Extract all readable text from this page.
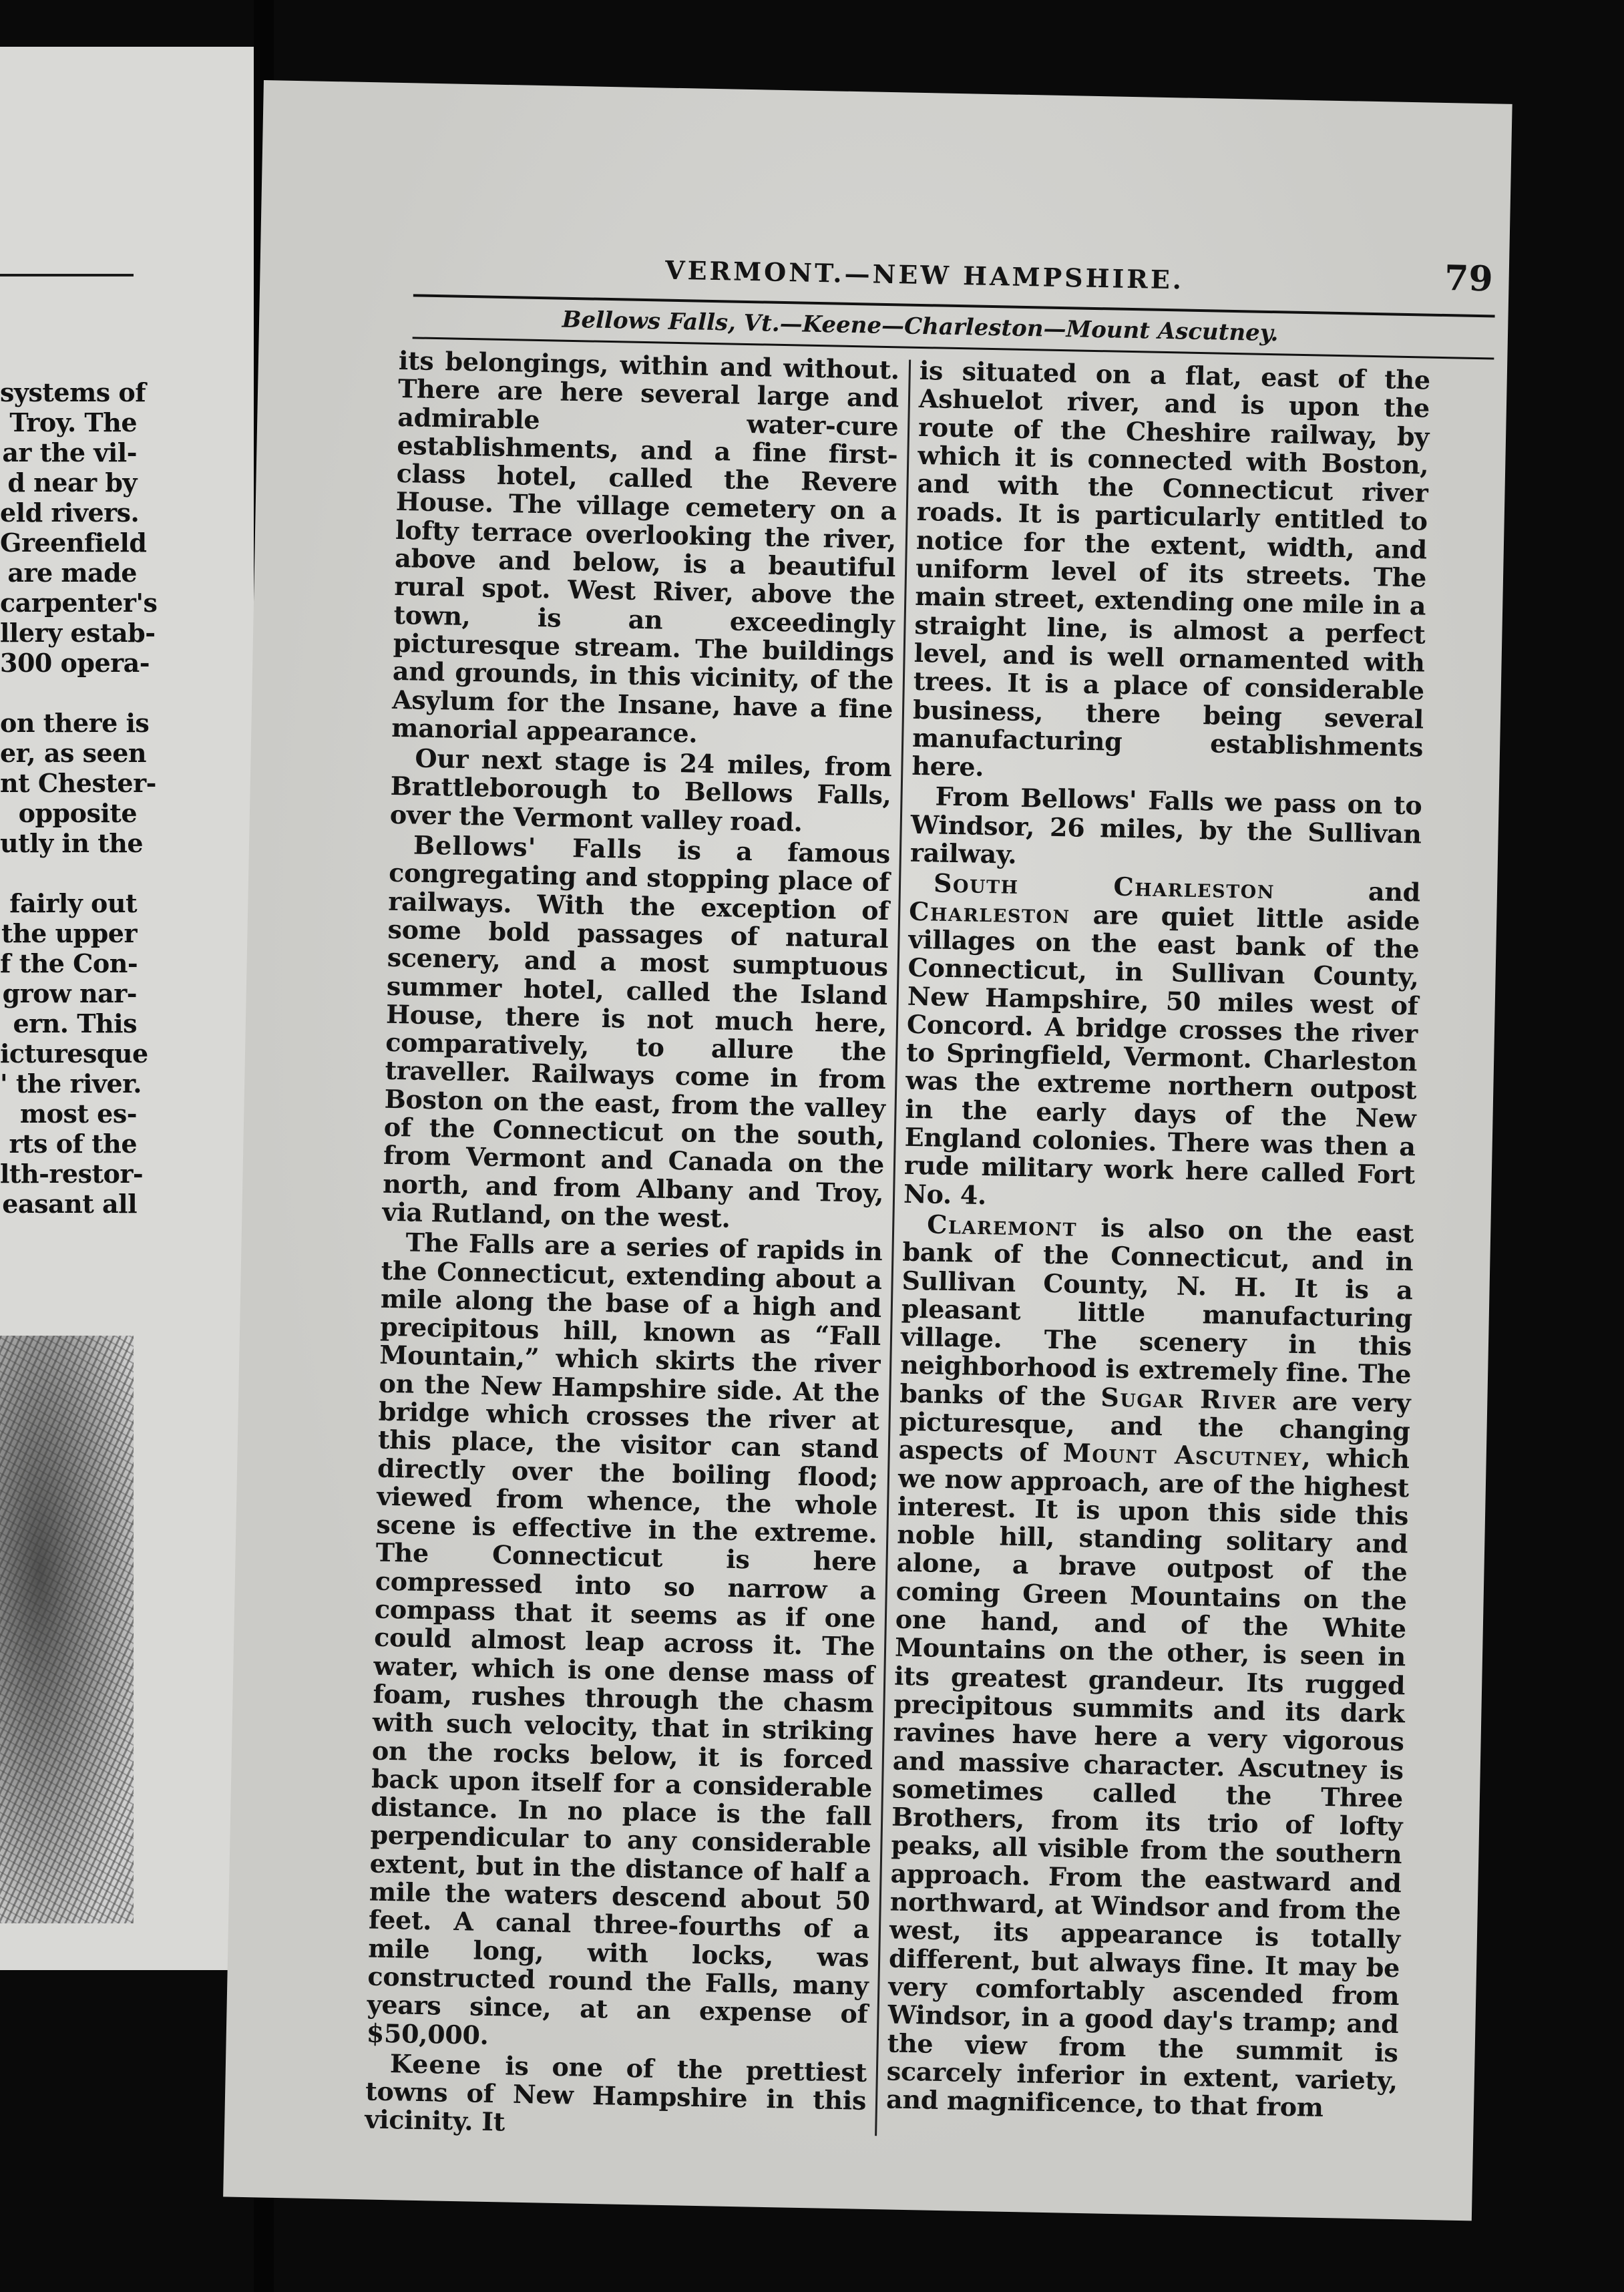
systems of
Troy. The
ar the vil-
d near by
eld rivers.
Greenfield
are made
carpenter's
llery estab-
300 opera-

on there is
er, as seen
nt Chester-
opposite
utly in the

fairly out
the upper
f the Con-
grow nar-
ern. This
icturesque
' the river.
most es-
rts of the
lth-restor-
easant all
VERMONT.—NEW HAMPSHIRE.	79
Bellows Falls, Vt.—Keene—Charleston—Mount Ascutney.

its belongings, within and without. There are here several large and admirable water-cure establishments, and a fine first-class hotel, called the Revere House. The village cemetery on a lofty terrace overlooking the river, above and below, is a beautiful rural spot. West River, above the town, is an exceedingly picturesque stream. The buildings and grounds, in this vicinity, of the Asylum for the Insane, have a fine manorial appearance.

Our next stage is 24 miles, from Brattleborough to Bellows Falls, over the Vermont valley road.

Bellows' Falls is a famous congregating and stopping place of railways. With the exception of some bold passages of natural scenery, and a most sumptuous summer hotel, called the Island House, there is not much here, comparatively, to allure the traveller. Railways come in from Boston on the east, from the valley of the Connecticut on the south, from Vermont and Canada on the north, and from Albany and Troy, via Rutland, on the west.

The Falls are a series of rapids in the Connecticut, extending about a mile along the base of a high and precipitous hill, known as “Fall Mountain,” which skirts the river on the New Hampshire side. At the bridge which crosses the river at this place, the visitor can stand directly over the boiling flood; viewed from whence, the whole scene is effective in the extreme. The Connecticut is here compressed into so narrow a compass that it seems as if one could almost leap across it. The water, which is one dense mass of foam, rushes through the chasm with such velocity, that in striking on the rocks below, it is forced back upon itself for a considerable distance. In no place is the fall perpendicular to any considerable extent, but in the distance of half a mile the waters descend about 50 feet. A canal three-fourths of a mile long, with locks, was constructed round the Falls, many years since, at an expense of $50,000.

Keene is one of the prettiest towns of New Hampshire in this vicinity. It

is situated on a flat, east of the Ashuelot river, and is upon the route of the Cheshire railway, by which it is connected with Boston, and with the Connecticut river roads. It is particularly entitled to notice for the extent, width, and uniform level of its streets. The main street, extending one mile in a straight line, is almost a perfect level, and is well ornamented with trees. It is a place of considerable business, there being several manufacturing establishments here.

From Bellows' Falls we pass on to Windsor, 26 miles, by the Sullivan railway.

South Charleston and Charleston are quiet little aside villages on the east bank of the Connecticut, in Sullivan County, New Hampshire, 50 miles west of Concord. A bridge crosses the river to Springfield, Vermont. Charleston was the extreme northern outpost in the early days of the New England colonies. There was then a rude military work here called Fort No. 4.

Claremont is also on the east bank of the Connecticut, and in Sullivan County, N. H. It is a pleasant little manufacturing village. The scenery in this neighborhood is extremely fine. The banks of the Sugar River are very picturesque, and the changing aspects of Mount Ascutney, which we now approach, are of the highest interest. It is upon this side this noble hill, standing solitary and alone, a brave outpost of the coming Green Mountains on the one hand, and of the White Mountains on the other, is seen in its greatest grandeur. Its rugged precipitous summits and its dark ravines have here a very vigorous and massive character. Ascutney is sometimes called the Three Brothers, from its trio of lofty peaks, all visible from the southern approach. From the eastward and northward, at Windsor and from the west, its appearance is totally different, but always fine. It may be very comfortably ascended from Windsor, in a good day's tramp; and the view from the summit is scarcely inferior in extent, variety, and magnificence, to that from
